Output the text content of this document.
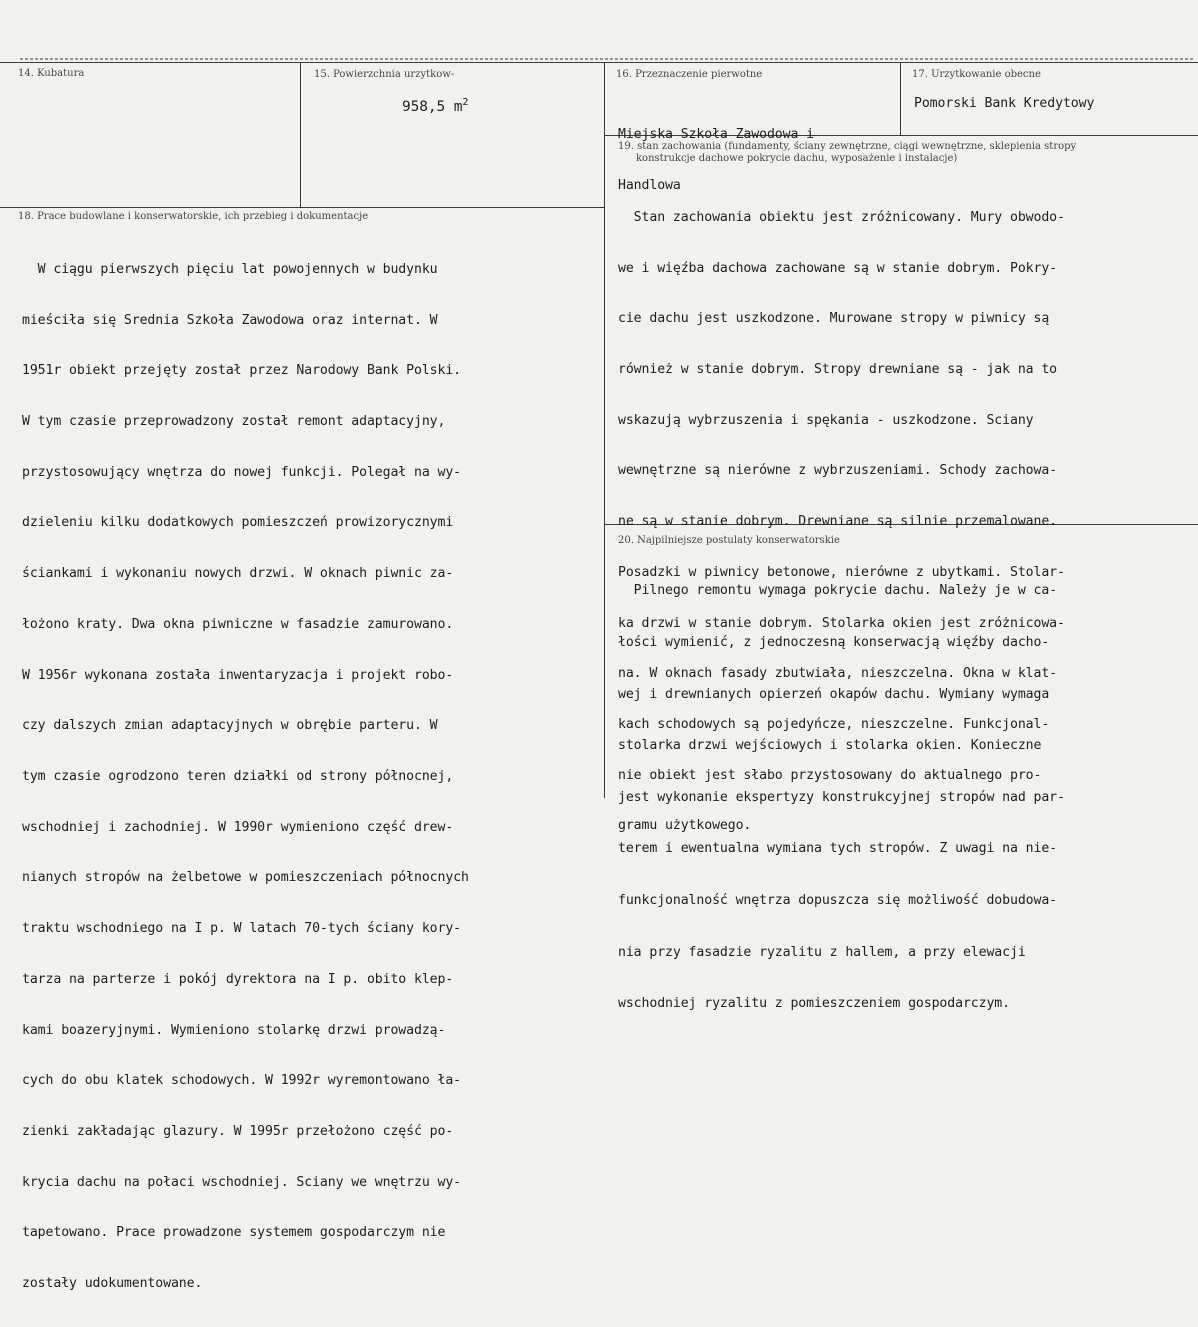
14. Kubatura	15. Powierzchnia urzytkow-
958,5 $m^2$
16. Przeznaczenie pierwotne

Miejska Szkoła Zawodowa i

Handlowa

17. Urzytkowanie obecne
Pomorski Bank Kredytowy
18. Prace budowlane i konserwatorskie, ich przebieg i dokumentacje

W ciągu pierwszych pięciu lat powojennych w budynku

mieściła się Srednia Szkoła Zawodowa oraz internat. W

1951r obiekt przejęty został przez Narodowy Bank Polski.

W tym czasie przeprowadzony został remont adaptacyjny,

przystosowujący wnętrza do nowej funkcji. Polegał na wy-

dzieleniu kilku dodatkowych pomieszczeń prowizorycznymi

ściankami i wykonaniu nowych drzwi. W oknach piwnic za-

łożono kraty. Dwa okna piwniczne w fasadzie zamurowano.

W 1956r wykonana została inwentaryzacja i projekt robo-

czy dalszych zmian adaptacyjnych w obrębie parteru. W

tym czasie ogrodzono teren działki od strony północnej,

wschodniej i zachodniej. W 1990r wymieniono część drew-

nianych stropów na żelbetowe w pomieszczeniach północnych

traktu wschodniego na I p. W latach 70-tych ściany kory-

tarza na parterze i pokój dyrektora na I p. obito klep-

kami boazeryjnymi. Wymieniono stolarkę drzwi prowadzą-

cych do obu klatek schodowych. W 1992r wyremontowano ła-

zienki zakładając glazury. W 1995r przełożono część po-

krycia dachu na połaci wschodniej. Sciany we wnętrzu wy-

tapetowano. Prace prowadzone systemem gospodarczym nie

zostały udokumentowane.

19. stan zachowania (fundamenty, ściany zewnętrzne, ciągi wewnętrzne, sklepienia stropy
konstrukcje dachowe pokrycie dachu, wyposażenie i instalacje)

Stan zachowania obiektu jest zróżnicowany. Mury obwodo-

we i więźba dachowa zachowane są w stanie dobrym. Pokry-

cie dachu jest uszkodzone. Murowane stropy w piwnicy są

również w stanie dobrym. Stropy drewniane są - jak na to

wskazują wybrzuszenia i spękania - uszkodzone. Sciany

wewnętrzne są nierówne z wybrzuszeniami. Schody zachowa-

ne są w stanie dobrym. Drewniane są silnie przemalowane.

Posadzki w piwnicy betonowe, nierówne z ubytkami. Stolar-

ka drzwi w stanie dobrym. Stolarka okien jest zróżnicowa-

na. W oknach fasady zbutwiała, nieszczelna. Okna w klat-

kach schodowych są pojedyńcze, nieszczelne. Funkcjonal-

nie obiekt jest słabo przystosowany do aktualnego pro-

gramu użytkowego.

20. Najpilniejsze postulaty konserwatorskie

Pilnego remontu wymaga pokrycie dachu. Należy je w ca-

łości wymienić, z jednoczesną konserwacją więźby dacho-

wej i drewnianych opierzeń okapów dachu. Wymiany wymaga

stolarka drzwi wejściowych i stolarka okien. Konieczne

jest wykonanie ekspertyzy konstrukcyjnej stropów nad par-

terem i ewentualna wymiana tych stropów. Z uwagi na nie-

funkcjonalność wnętrza dopuszcza się możliwość dobudowa-

nia przy fasadzie ryzalitu z hallem, a przy elewacji

wschodniej ryzalitu z pomieszczeniem gospodarczym.
